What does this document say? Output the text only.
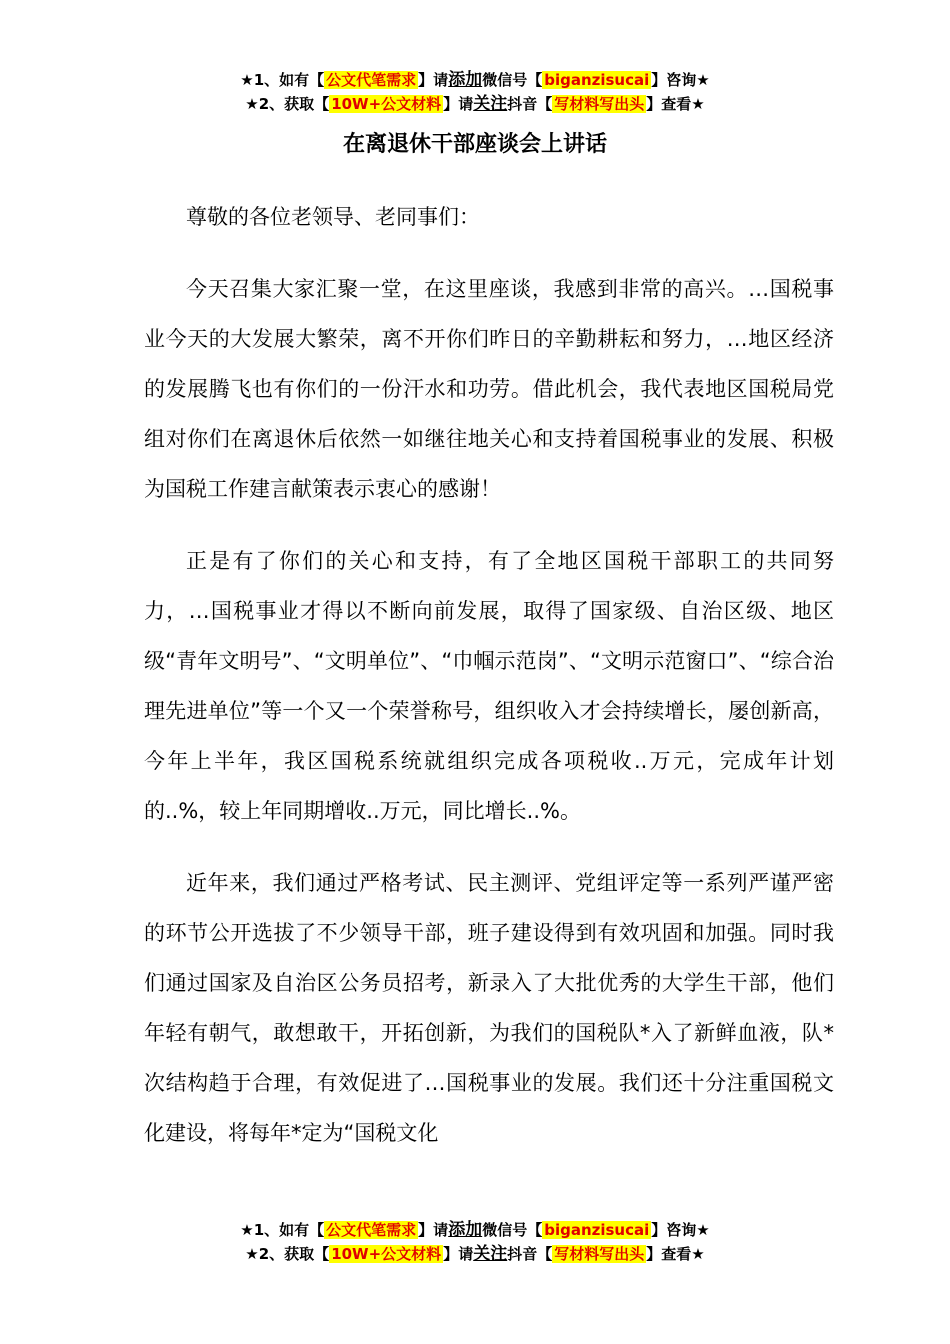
★1、如有【 公文代笔需求 】请添加微信号【 biganzisucai 】咨询★
★2、获取【 10W+公文材料 】请关注抖音【 写材料写出头 】查看★
在离退休干部座谈会上讲话

尊敬的各位老领导、老同事们：

今天召集大家汇聚一堂，在这里座谈，我感到非常的高兴。…国税事业今天的大发展大繁荣，离不开你们昨日的辛勤耕耘和努力，…地区经济的发展腾飞也有你们的一份汗水和功劳。借此机会，我代表地区国税局党组对你们在离退休后依然一如继往地关心和支持着国税事业的发展、积极为国税工作建言献策表示衷心的感谢！

正是有了你们的关心和支持，有了全地区国税干部职工的共同努力，…国税事业才得以不断向前发展，取得了国家级、自治区级、地区级“青年文明号”、“文明单位”、“巾帼示范岗”、“文明示范窗口”、“综合治理先进单位”等一个又一个荣誉称号，组织收入才会持续增长，屡创新高，今年上半年，我区国税系统就组织完成各项税收..万元，完成年计划的..%，较上年同期增收..万元，同比增长..%。

近年来，我们通过严格考试、民主测评、党组评定等一系列严谨严密的环节公开选拔了不少领导干部，班子建设得到有效巩固和加强。同时我们通过国家及自治区公务员招考，新录入了大批优秀的大学生干部，他们年轻有朝气，敢想敢干，开拓创新，为我们的国税队*入了新鲜血液，队*次结构趋于合理，有效促进了…国税事业的发展。我们还十分注重国税文化建设，将每年*定为“国税文化

★1、如有【 公文代笔需求 】请添加微信号【 biganzisucai 】咨询★
★2、获取【 10W+公文材料 】请关注抖音【 写材料写出头 】查看★
